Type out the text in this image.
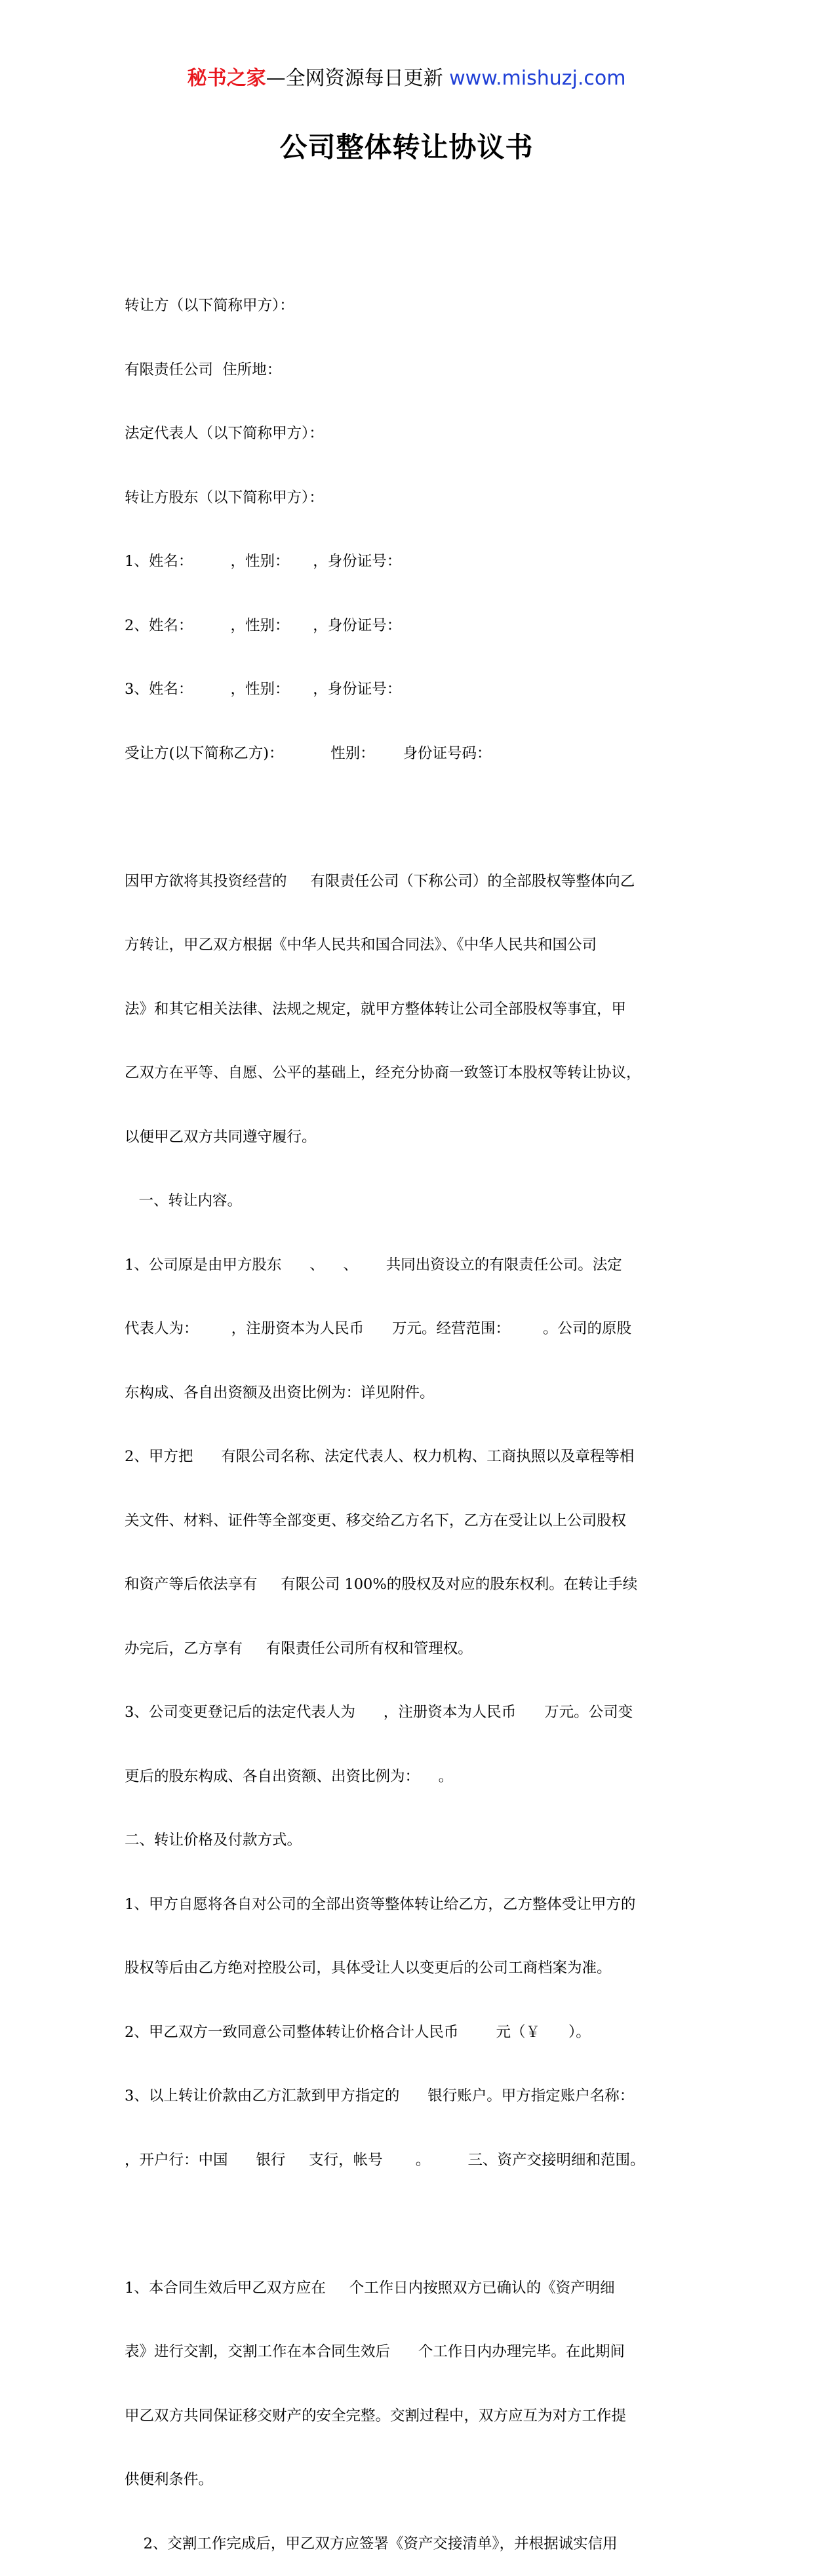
秘书之家—全网资源每日更新 www.mishuzj.com
公司整体转让协议书

转让方（以下简称甲方）：

有限责任公司  住所地：

法定代表人（以下简称甲方）：

转让方股东（以下简称甲方）：

1、姓名：        ，性别：     ，身份证号：

2、姓名：        ，性别：     ，身份证号：

3、姓名：        ，性别：     ，身份证号：

受让方(以下简称乙方)：          性别：      身份证号码：

因甲方欲将其投资经营的     有限责任公司（下称公司）的全部股权等整体向乙

方转让，甲乙双方根据《中华人民共和国合同法》、《中华人民共和国公司

法》和其它相关法律、法规之规定，就甲方整体转让公司全部股权等事宜，甲

乙双方在平等、自愿、公平的基础上，经充分协商一致签订本股权等转让协议，

以便甲乙双方共同遵守履行。

一、转让内容。

1、公司原是由甲方股东      、    、      共同出资设立的有限责任公司。法定

代表人为：       ，注册资本为人民币      万元。经营范围：       。公司的原股

东构成、各自出资额及出资比例为：详见附件。

2、甲方把      有限公司名称、法定代表人、权力机构、工商执照以及章程等相

关文件、材料、证件等全部变更、移交给乙方名下，乙方在受让以上公司股权

和资产等后依法享有     有限公司 100%的股权及对应的股东权利。在转让手续

办完后，乙方享有     有限责任公司所有权和管理权。

3、公司变更登记后的法定代表人为      ，注册资本为人民币      万元。公司变

更后的股东构成、各自出资额、出资比例为：    。

二、转让价格及付款方式。

1、甲方自愿将各自对公司的全部出资等整体转让给乙方，乙方整体受让甲方的

股权等后由乙方绝对控股公司，具体受让人以变更后的公司工商档案为准。

2、甲乙双方一致同意公司整体转让价格合计人民币        元（￥      ）。

3、以上转让价款由乙方汇款到甲方指定的      银行账户。甲方指定账户名称：

，开户行：中国      银行     支行，帐号       。        三、资产交接明细和范围。

1、本合同生效后甲乙双方应在     个工作日内按照双方已确认的《资产明细

表》进行交割，交割工作在本合同生效后      个工作日内办理完毕。在此期间

甲乙双方共同保证移交财产的安全完整。交割过程中，双方应互为对方工作提

供便利条件。

2、交割工作完成后，甲乙双方应签署《资产交接清单》，并根据诚实信用
